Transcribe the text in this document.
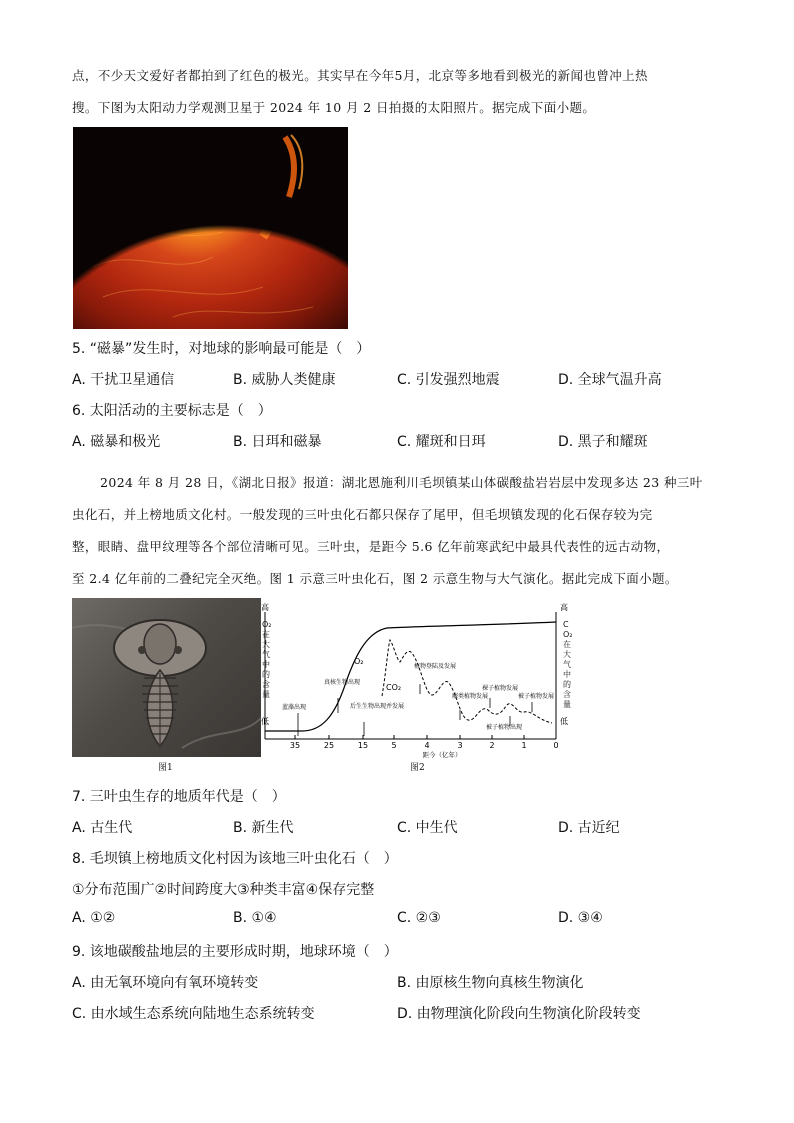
点，不少天文爱好者都拍到了红色的极光。其实早在今年5月，北京等多地看到极光的新闻也曾冲上热
搜。下图为太阳动力学观测卫星于 2024 年 10 月 2 日拍摄的太阳照片。据完成下面小题。
5. “磁暴”发生时，对地球的影响最可能是（　）
A. 干扰卫星通信	B. 威胁人类健康	C. 引发强烈地震	D. 全球气温升高
6. 太阳活动的主要标志是（　）
A. 磁暴和极光	B. 日珥和磁暴	C. 耀斑和日珥	D. 黑子和耀斑
2024 年 8 月 28 日，《湖北日报》报道：湖北恩施利川毛坝镇某山体碳酸盐岩岩层中发现多达 23 种三叶
虫化石，并上榜地质文化村。一般发现的三叶虫化石都只保存了尾甲，但毛坝镇发现的化石保存较为完
整，眼睛、盘甲纹理等各个部位清晰可见。三叶虫，是距今 5.6 亿年前寒武纪中最具代表性的远古动物，
至 2.4 亿年前的二叠纪完全灭绝。图 1 示意三叶虫化石，图 2 示意生物与大气演化。据此完成下面小题。
图1
高
低
高
低
35	25	15	5	4	3	2	1	0
距今（亿年）
O₂
CO₂
蓝藻出现
真核生物出现
后生生物出现并发展
植物登陆及发展
蕨类植物发展
裸子植物发展
被子植物发展
被子植物出现
O₂在大气中的含量
CO₂在大气中的含量
图2
7. 三叶虫生存的地质年代是（　）
A. 古生代	B. 新生代	C. 中生代	D. 古近纪
8. 毛坝镇上榜地质文化村因为该地三叶虫化石（　）
①分布范围广②时间跨度大③种类丰富④保存完整
A. ①②	B. ①④	C. ②③	D. ③④
9. 该地碳酸盐地层的主要形成时期，地球环境（　）
A. 由无氧环境向有氧环境转变	B. 由原核生物向真核生物演化
C. 由水域生态系统向陆地生态系统转变	D. 由物理演化阶段向生物演化阶段转变
